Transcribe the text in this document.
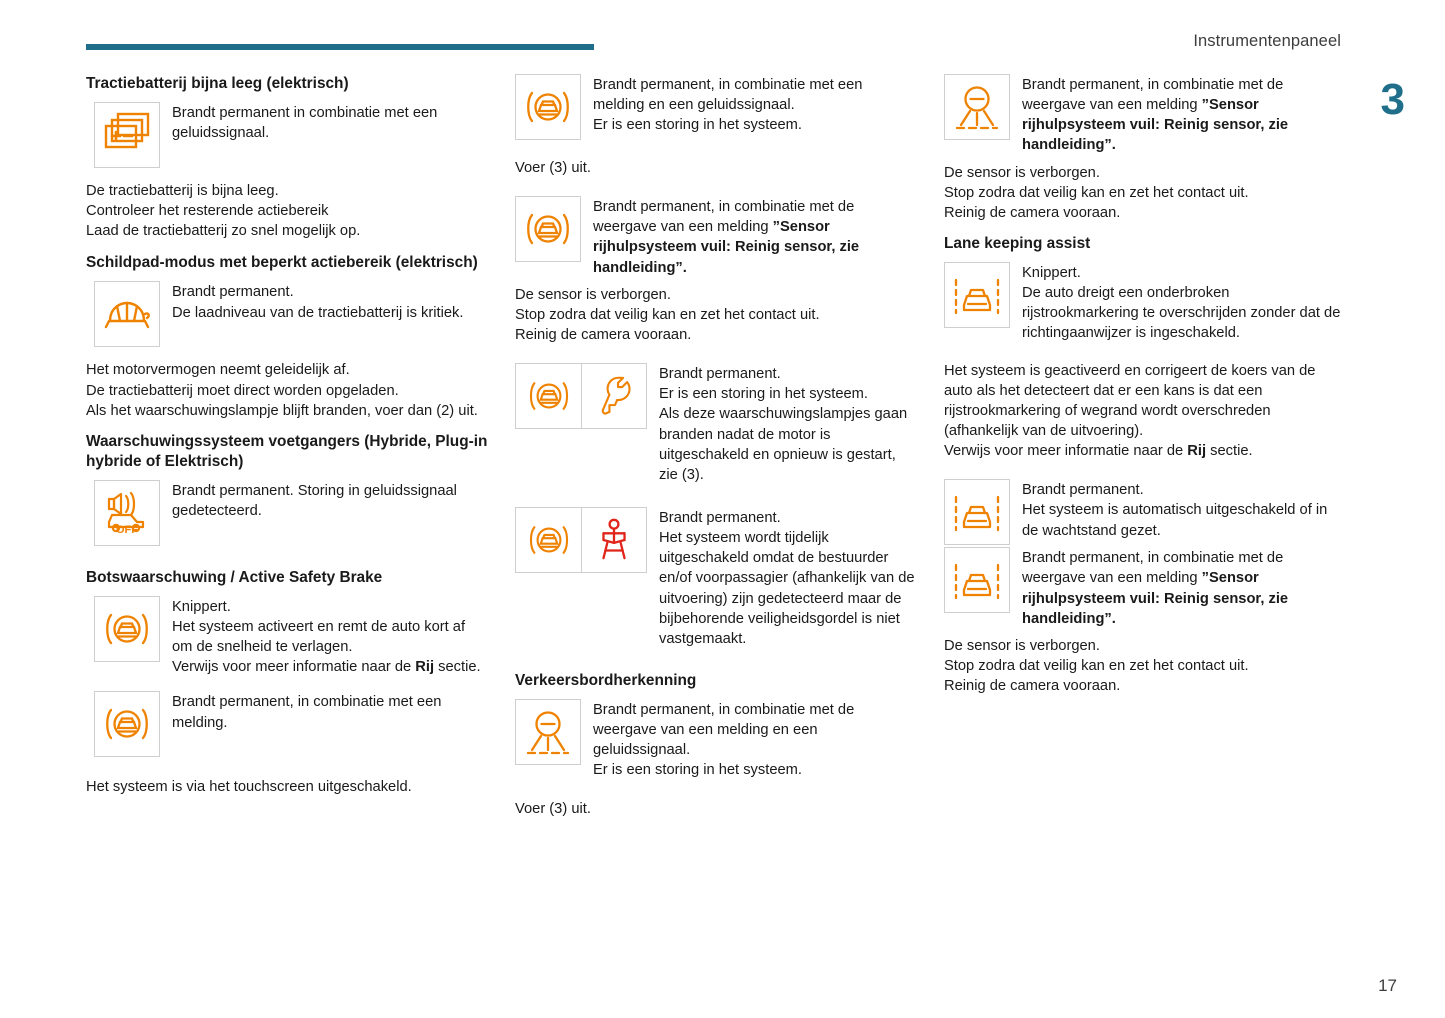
Instrumentenpaneel
3
17
Tractiebatterij bijna leeg (elektrisch)
Brandt permanent in combinatie met een geluidssignaal.

De tractiebatterij is bijna leeg.

Controleer het resterende actiebereik

Laad de tractiebatterij zo snel mogelijk op.

Schildpad-modus met beperkt actiebereik (elektrisch)
Brandt permanent.
De laadniveau van de tractiebatterij is kritiek.

Het motorvermogen neemt geleidelijk af.

De tractiebatterij moet direct worden opgeladen.

Als het waarschuwingslampje blijft branden, voer dan (2) uit.

Waarschuwingssysteem voetgangers (Hybride, Plug-in hybride of Elektrisch)
OFF
Brandt permanent. Storing in geluidssignaal gedetecteerd.
Botswaarschuwing / Active Safety Brake
Knippert.
Het systeem activeert en remt de auto kort af om de snelheid te verlagen.
Verwijs voor meer informatie naar de Rij sectie.
Brandt permanent, in combinatie met een melding.

Het systeem is via het touchscreen uitgeschakeld.

Brandt permanent, in combinatie met een melding en een geluidssignaal.
Er is een storing in het systeem.

Voer (3) uit.

Brandt permanent, in combinatie met de weergave van een melding ”Sensor rijhulpsysteem vuil: Reinig sensor, zie handleiding”.

De sensor is verborgen.

Stop zodra dat veilig kan en zet het contact uit.

Reinig de camera vooraan.

Brandt permanent.
Er is een storing in het systeem.
Als deze waarschuwingslampjes gaan branden nadat de motor is uitgeschakeld en opnieuw is gestart, zie (3).
Brandt permanent.
Het systeem wordt tijdelijk uitgeschakeld omdat de bestuurder en/of voorpassagier (afhankelijk van de uitvoering) zijn gedetecteerd maar de bijbehorende veiligheidsgordel is niet vastgemaakt.
Verkeersbordherkenning
Brandt permanent, in combinatie met de weergave van een melding en een geluidssignaal.
Er is een storing in het systeem.

Voer (3) uit.

Brandt permanent, in combinatie met de weergave van een melding ”Sensor rijhulpsysteem vuil: Reinig sensor, zie handleiding”.

De sensor is verborgen.

Stop zodra dat veilig kan en zet het contact uit.

Reinig de camera vooraan.

Lane keeping assist
Knippert.
De auto dreigt een onderbroken rijstrookmarkering te overschrijden zonder dat de richtingaanwijzer is ingeschakeld.

Het systeem is geactiveerd en corrigeert de koers van de auto als het detecteert dat er een kans is dat een rijstrookmarkering of wegrand wordt overschreden (afhankelijk van de uitvoering).

Verwijs voor meer informatie naar de Rij sectie.

Brandt permanent.
Het systeem is automatisch uitgeschakeld of in de wachtstand gezet.
Brandt permanent, in combinatie met de weergave van een melding ”Sensor rijhulpsysteem vuil: Reinig sensor, zie handleiding”.

De sensor is verborgen.

Stop zodra dat veilig kan en zet het contact uit.

Reinig de camera vooraan.
